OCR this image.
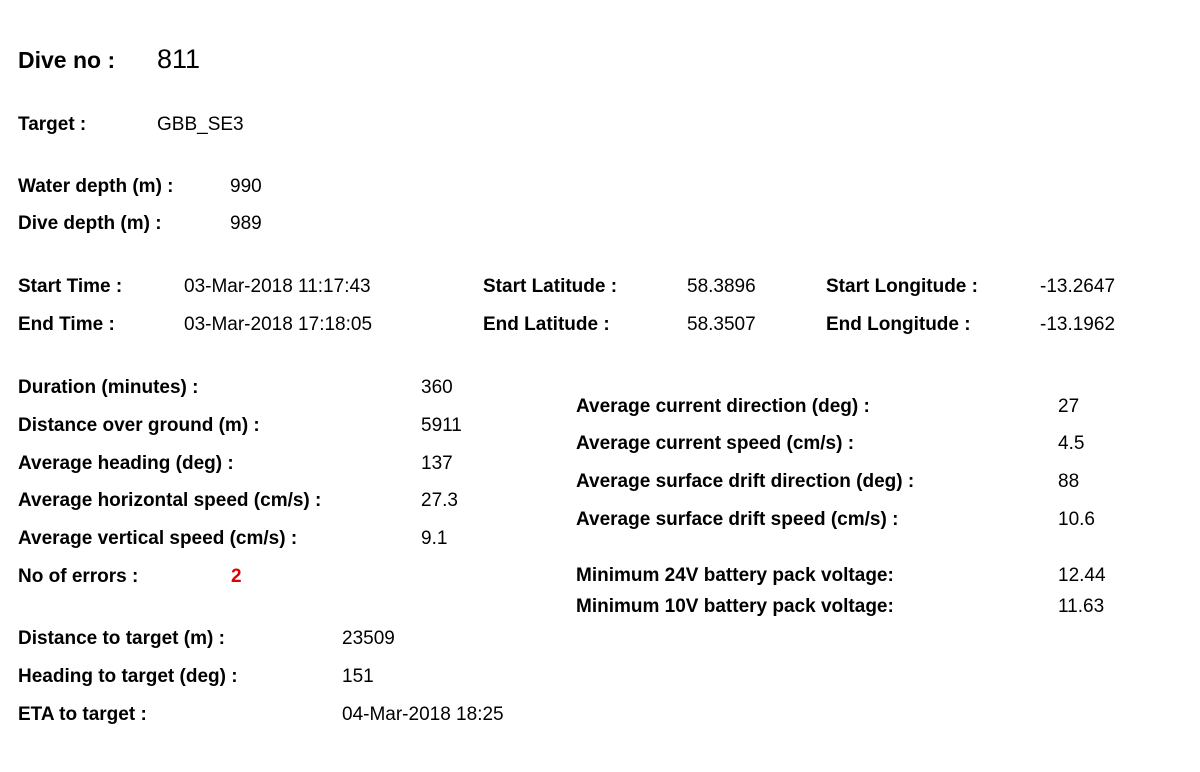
Dive no : 811
Target :	GBB_SE3
Water depth (m) :	990
Dive depth (m) :	989
Start Time :	03-Mar-2018 11:17:43	Start Latitude :	58.3896	Start Longitude :	-13.2647
End Time :	03-Mar-2018 17:18:05	End Latitude :	58.3507	End Longitude :	-13.1962
Duration (minutes) :	360
Distance over ground (m) :	5911
Average heading (deg) :	137
Average horizontal speed (cm/s) :	27.3
Average vertical speed (cm/s) :	9.1
No of errors :	2
Average current direction (deg) :	27
Average current speed (cm/s) :	4.5
Average surface drift direction (deg) :	88
Average surface drift speed (cm/s) :	10.6
Minimum 24V battery pack voltage:	12.44
Minimum 10V battery pack voltage:	11.63
Distance to target (m) :	23509
Heading to target (deg) :	151
ETA to target :	04-Mar-2018 18:25
